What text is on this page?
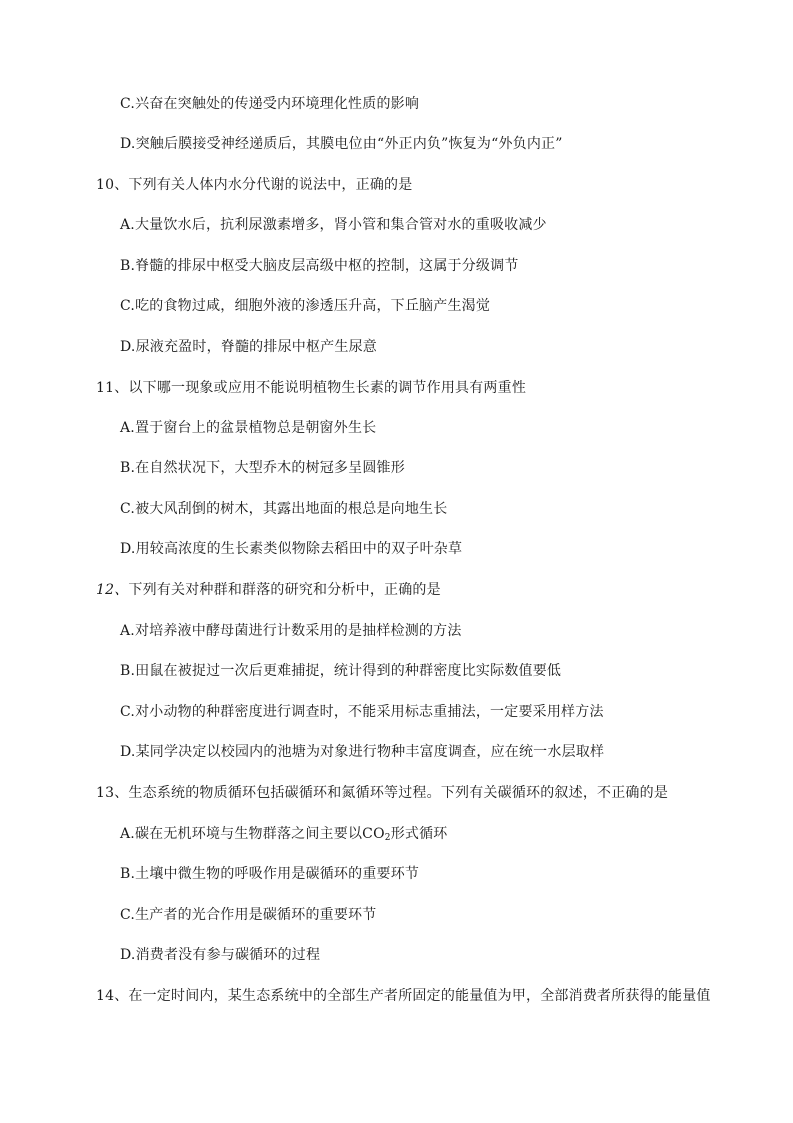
C.兴奋在突触处的传递受内环境理化性质的影响
D.突触后膜接受神经递质后，其膜电位由“外正内负”恢复为“外负内正”
10、下列有关人体内水分代谢的说法中，正确的是
A.大量饮水后，抗利尿激素增多，肾小管和集合管对水的重吸收减少
B.脊髓的排尿中枢受大脑皮层高级中枢的控制，这属于分级调节
C.吃的食物过咸，细胞外液的渗透压升高，下丘脑产生渴觉
D.尿液充盈时，脊髓的排尿中枢产生尿意
11、以下哪一现象或应用不能说明植物生长素的调节作用具有两重性
A.置于窗台上的盆景植物总是朝窗外生长
B.在自然状况下，大型乔木的树冠多呈圆锥形
C.被大风刮倒的树木，其露出地面的根总是向地生长
D.用较高浓度的生长素类似物除去稻田中的双子叶杂草
12、下列有关对种群和群落的研究和分析中，正确的是
A.对培养液中酵母菌进行计数采用的是抽样检测的方法
B.田鼠在被捉过一次后更难捕捉，统计得到的种群密度比实际数值要低
C.对小动物的种群密度进行调查时，不能采用标志重捕法，一定要采用样方法
D.某同学决定以校园内的池塘为对象进行物种丰富度调查，应在统一水层取样
13、生态系统的物质循环包括碳循环和氮循环等过程。下列有关碳循环的叙述，不正确的是
A.碳在无机环境与生物群落之间主要以$CO_2$形式循环
B.土壤中微生物的呼吸作用是碳循环的重要环节
C.生产者的光合作用是碳循环的重要环节
D.消费者没有参与碳循环的过程
14、在一定时间内，某生态系统中的全部生产者所固定的能量值为甲，全部消费者所获得的能量值
